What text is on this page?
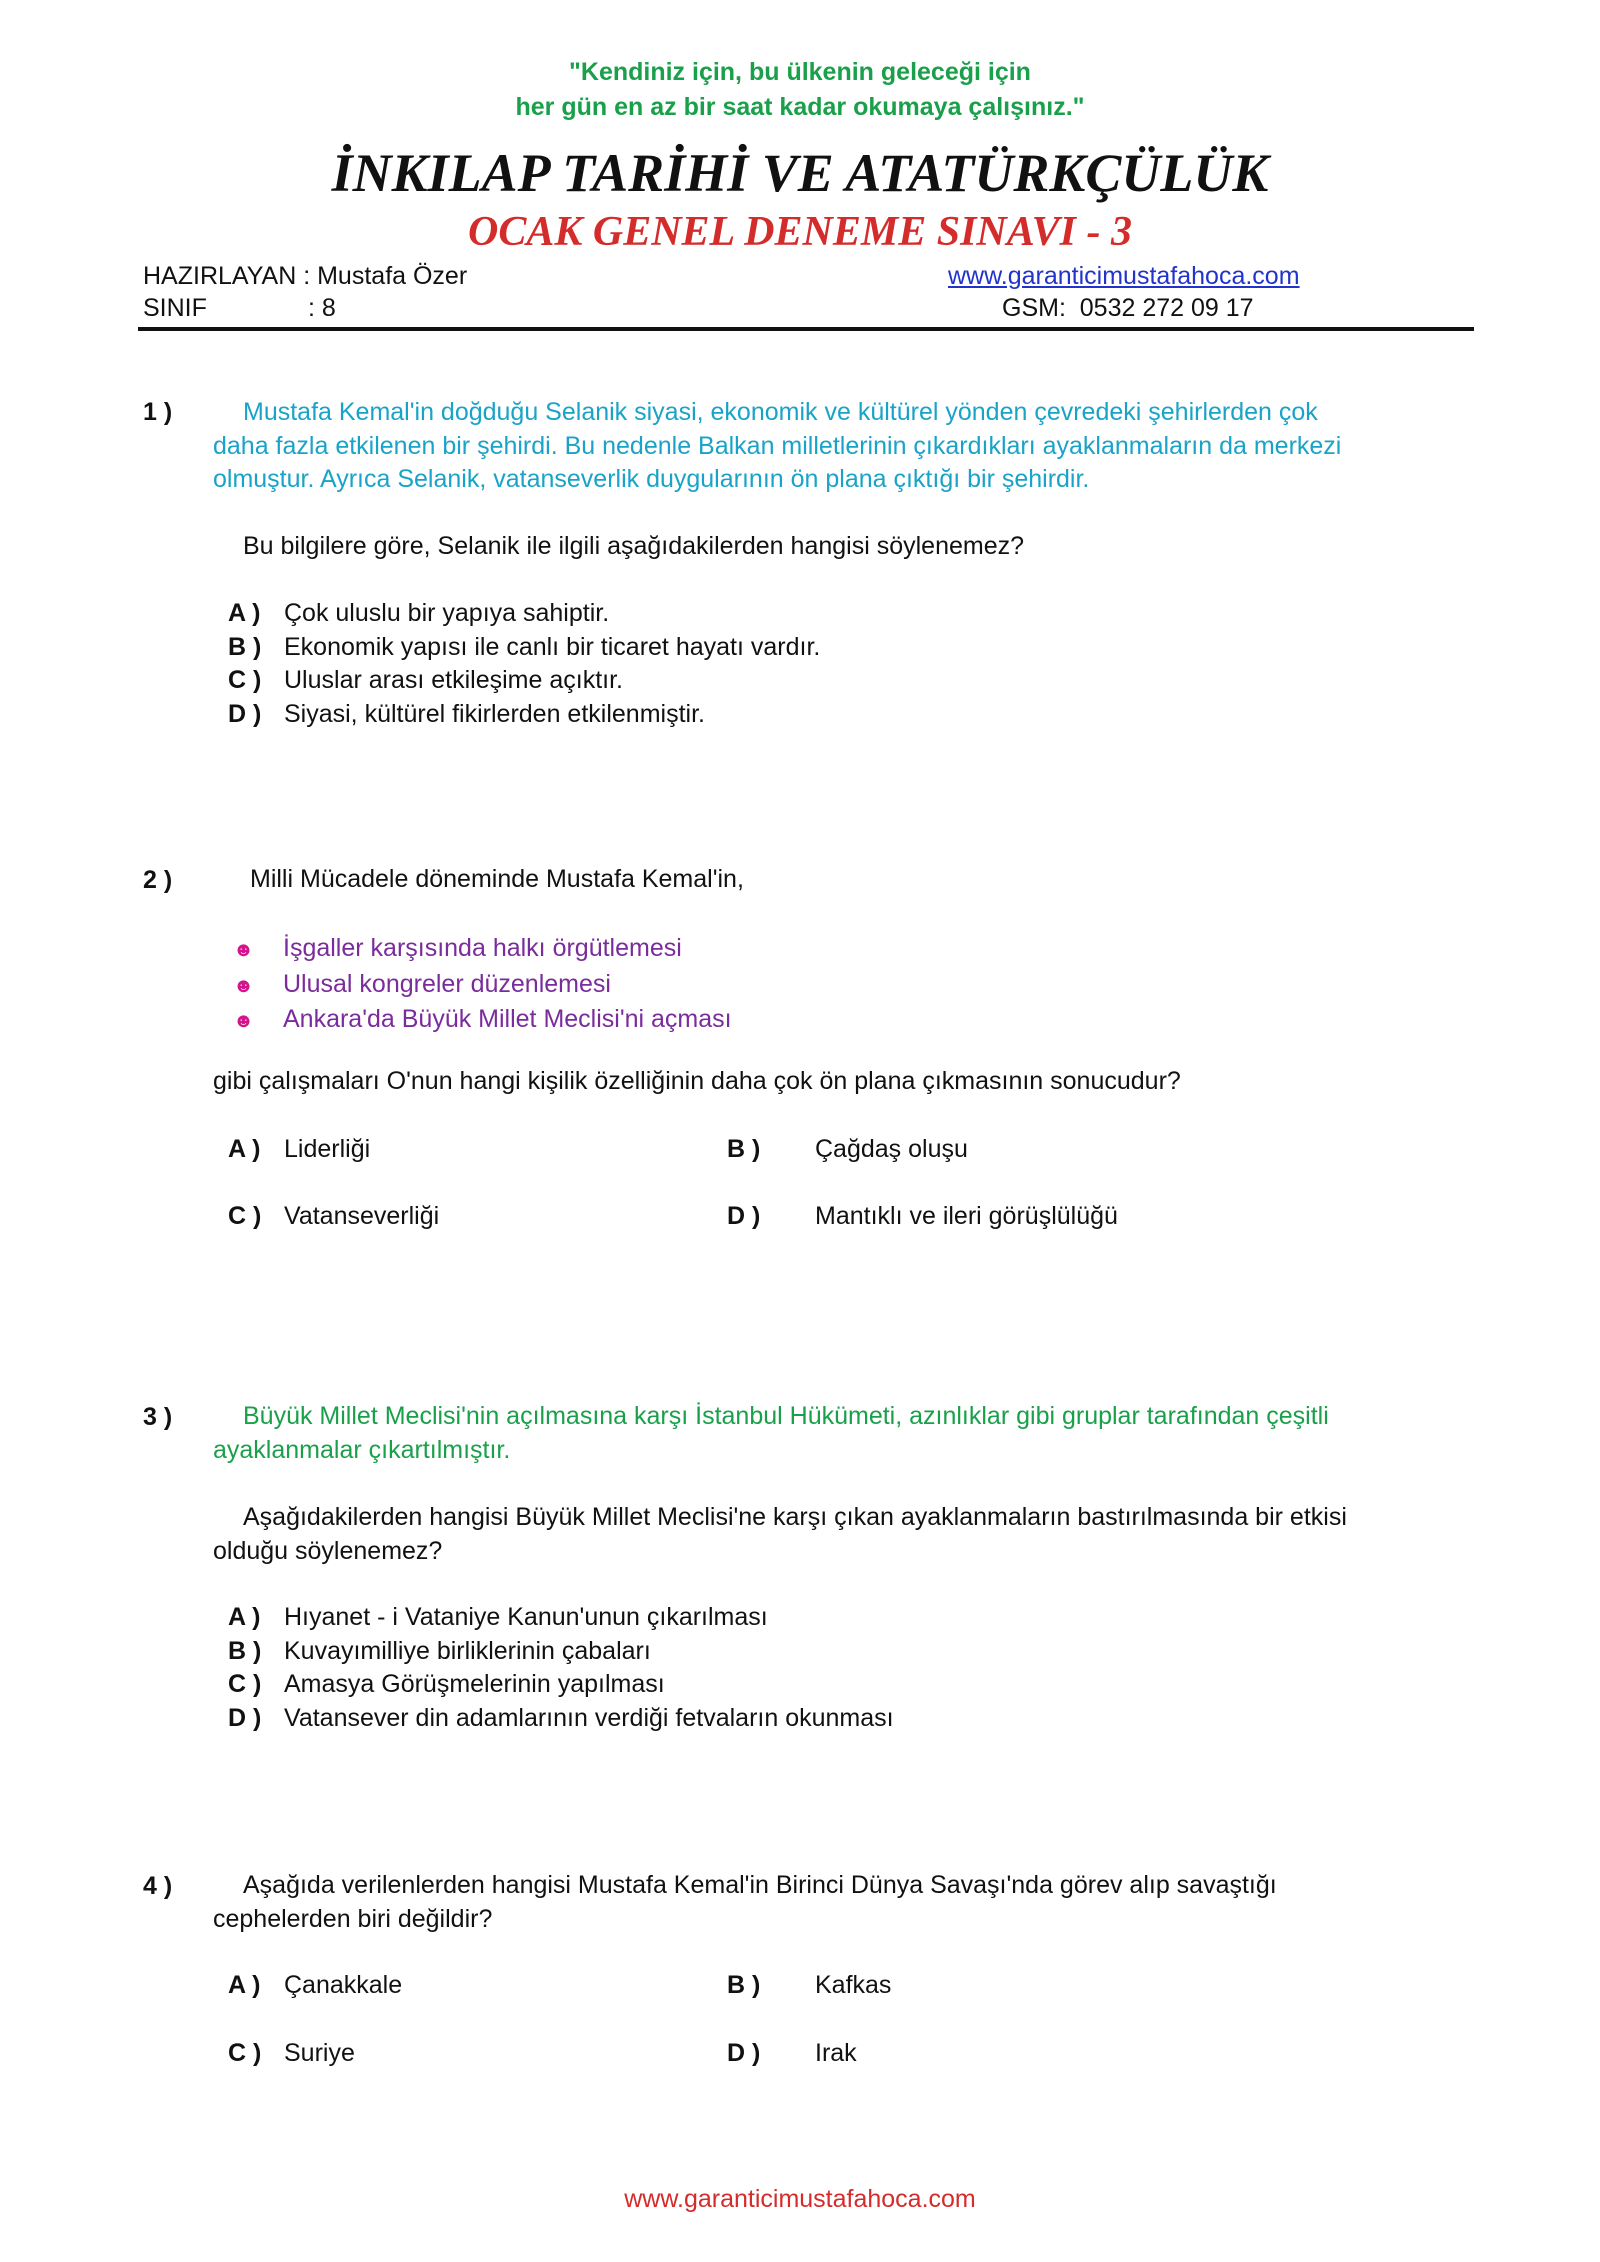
"Kendiniz için, bu ülkenin geleceği için
her gün en az bir saat kadar okumaya çalışınız."
İNKILAP TARİHİ VE ATATÜRKÇÜLÜK
OCAK GENEL DENEME SINAVI - 3
HAZIRLAYAN : Mustafa Özer	www.garanticimustafahoca.com
SINIF	: 8	GSM:  0532 272 09 17
1 )	Mustafa Kemal'in doğduğu Selanik siyasi, ekonomik ve kültürel yönden çevredeki şehirlerden çok
daha fazla etkilenen bir şehirdi. Bu nedenle Balkan milletlerinin çıkardıkları ayaklanmaların da merkezi
olmuştur. Ayrıca Selanik, vatanseverlik duygularının ön plana çıktığı bir şehirdir.
Bu bilgilere göre, Selanik ile ilgili aşağıdakilerden hangisi söylenemez?
A ) Çok uluslu bir yapıya sahiptir.
B ) Ekonomik yapısı ile canlı bir ticaret hayatı vardır.
C ) Uluslar arası etkileşime açıktır.
D ) Siyasi, kültürel fikirlerden etkilenmiştir.
2 )	Milli Mücadele döneminde Mustafa Kemal'in,
☻ İşgaller karşısında halkı örgütlemesi
☻ Ulusal kongreler düzenlemesi
☻ Ankara'da Büyük Millet Meclisi'ni açması
gibi çalışmaları O'nun hangi kişilik özelliğinin daha çok ön plana çıkmasının sonucudur?
A ) Liderliği	B ) Çağdaş oluşu
C ) Vatanseverliği	D ) Mantıklı ve ileri görüşlülüğü
3 )	Büyük Millet Meclisi'nin açılmasına karşı İstanbul Hükümeti, azınlıklar gibi gruplar tarafından çeşitli
ayaklanmalar çıkartılmıştır.
Aşağıdakilerden hangisi Büyük Millet Meclisi'ne karşı çıkan ayaklanmaların bastırılmasında bir etkisi
olduğu söylenemez?
A ) Hıyanet - i Vataniye Kanun'unun çıkarılması
B ) Kuvayımilliye birliklerinin çabaları
C ) Amasya Görüşmelerinin yapılması
D ) Vatansever din adamlarının verdiği fetvaların okunması
4 )	Aşağıda verilenlerden hangisi Mustafa Kemal'in Birinci Dünya Savaşı'nda görev alıp savaştığı
cephelerden biri değildir?
A ) Çanakkale	B ) Kafkas
C ) Suriye	D ) Irak
www.garanticimustafahoca.com
